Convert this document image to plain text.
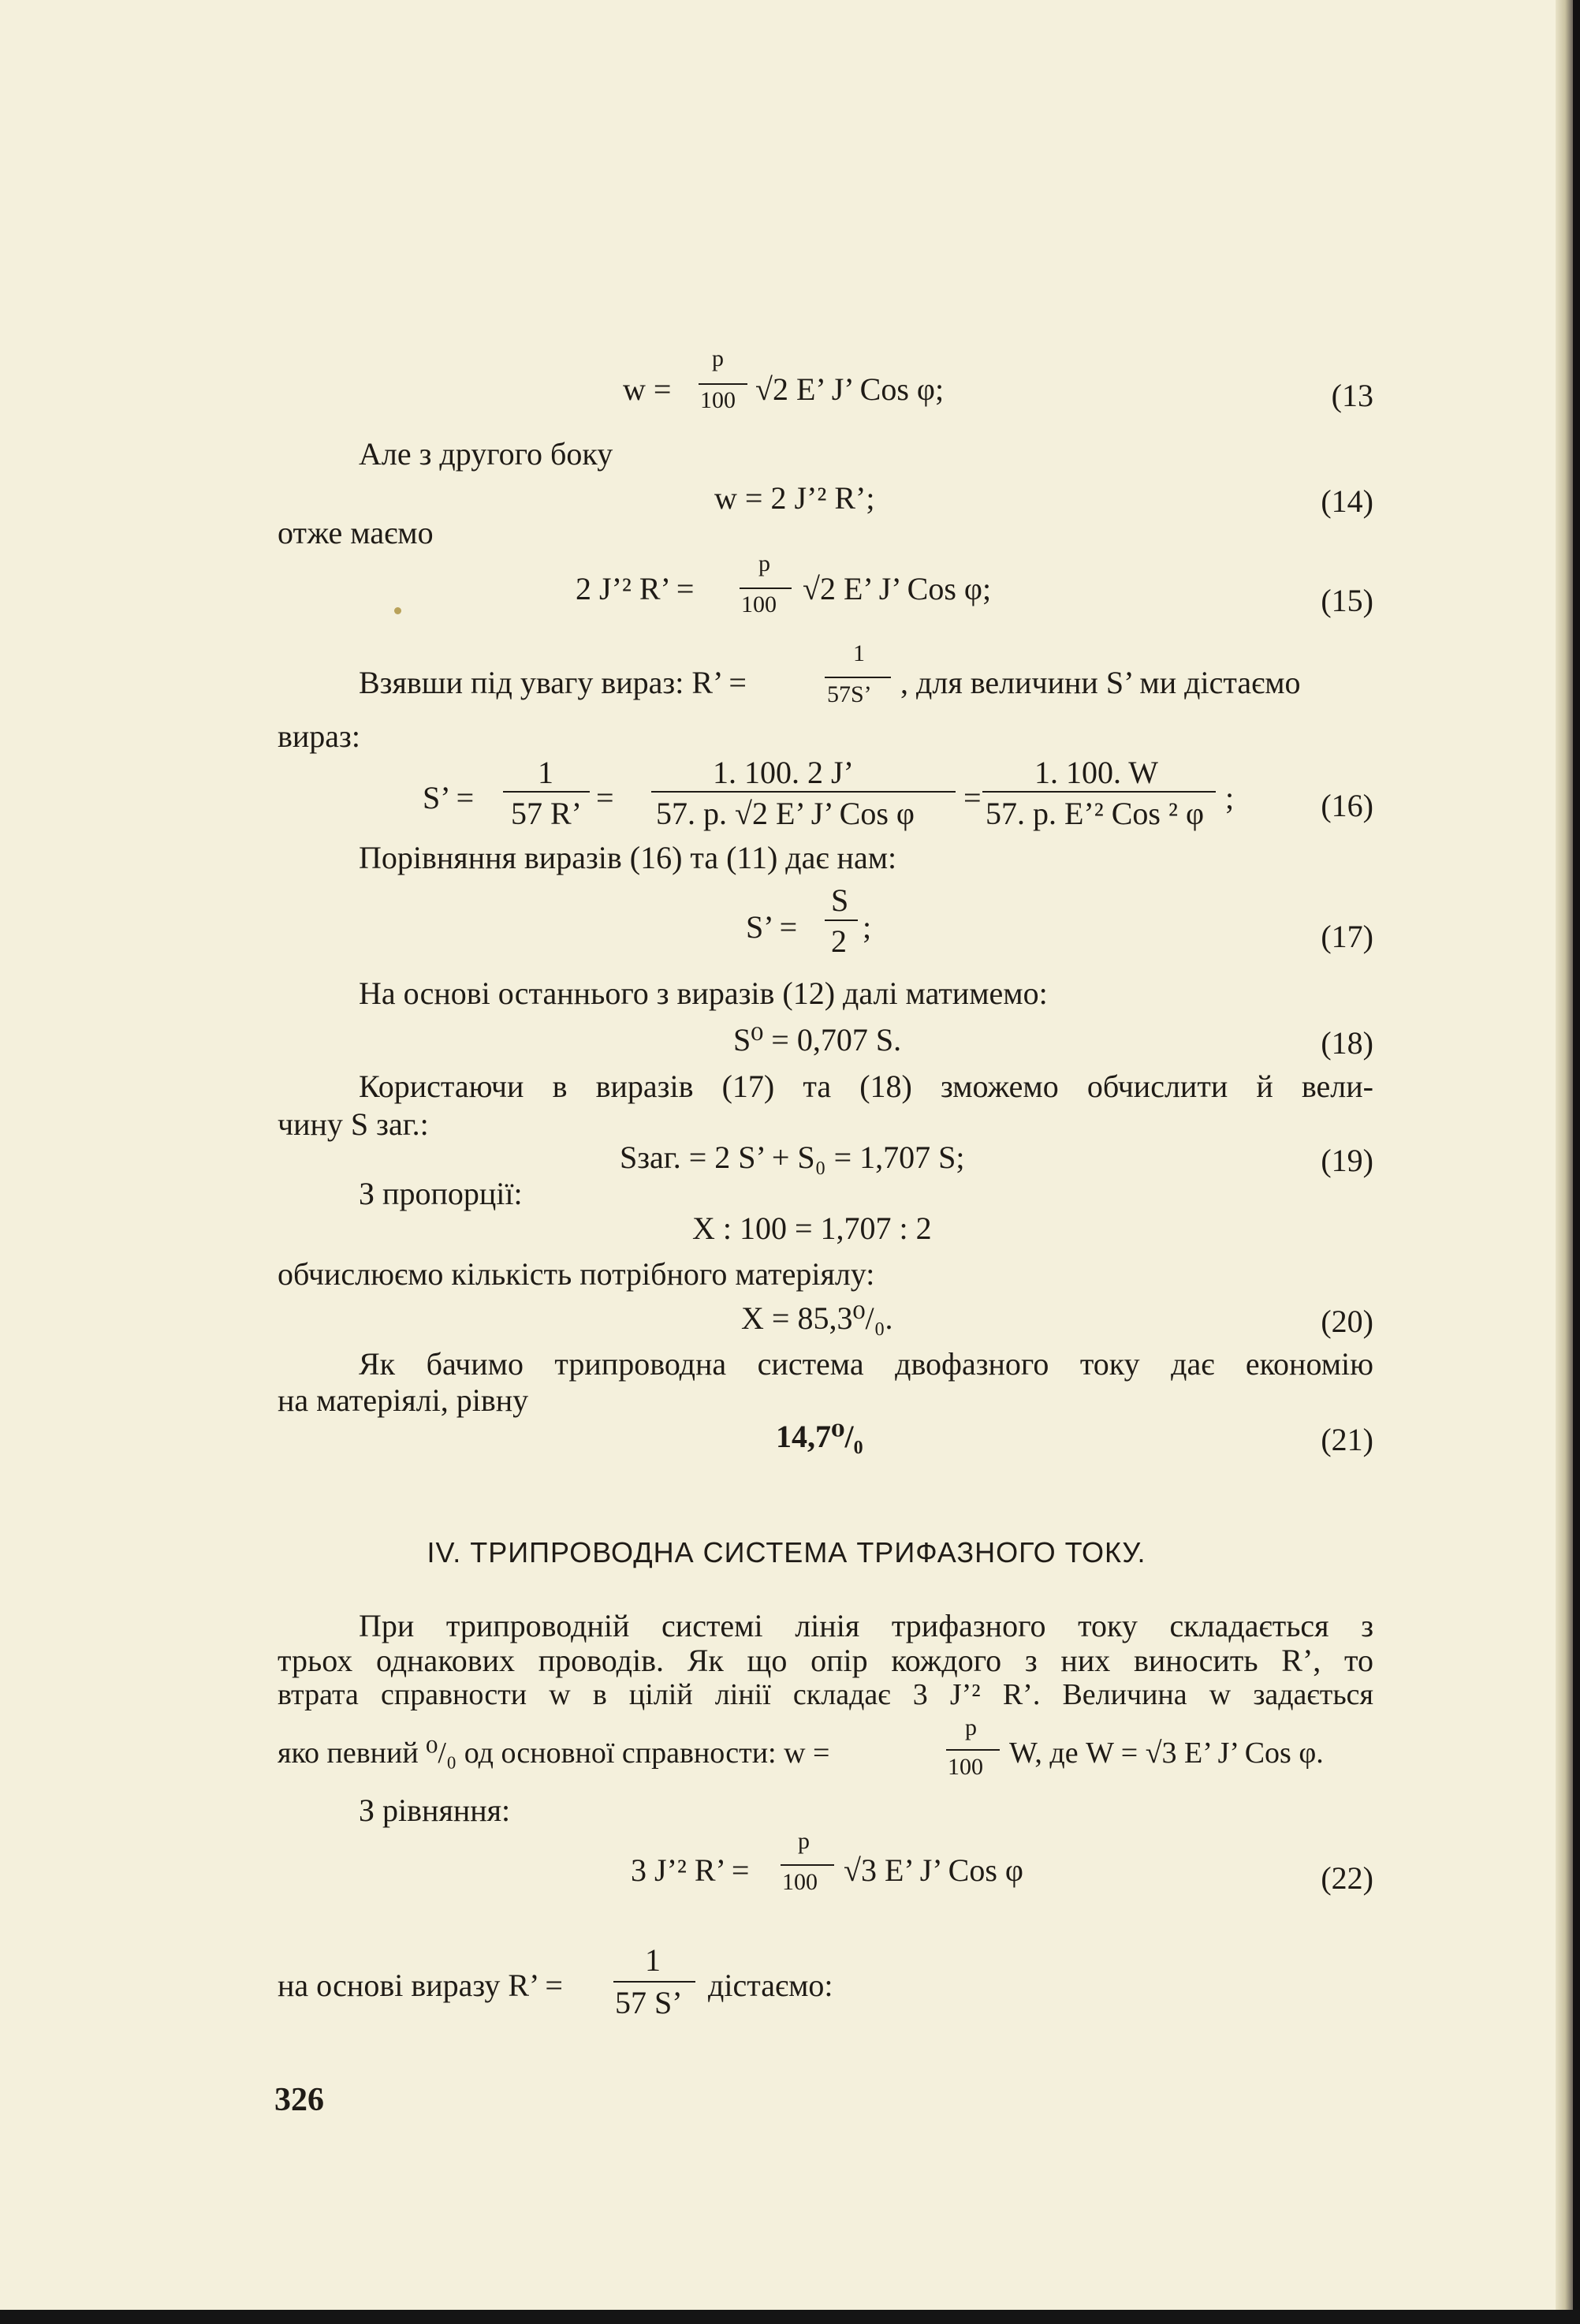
w =
p
100 √2 E’ J’ Cos φ;	(13
Але з другого боку
w = 2 J’² R’;	(14)
отже маємо
2 J’² R’ =
p
100 √2 E’ J’ Cos φ;	(15)
Взявши під увагу вираз: R’ =
1
57S’ , для величини S’ ми дістаємо
вираз:
S’ =
1
57 R’ =
1. 100. 2 J’
57. p. √2 E’ J’ Cos φ =
1. 100. W
57. p. E’² Cos ² φ ;	(16)
Порівняння виразів (16) та (11) дає нам:
S’ =
S
2 ;	(17)
На основі останнього з виразів (12) далі матимемо:
S⁰ = 0,707 S.	(18)
Користаючи в виразів (17) та (18) зможемо обчислити й вели-
чину S заг.:
Sзаг. = 2 S’ + S₀ = 1,707 S;	(19)
З пропорції:
X : 100 = 1,707 : 2
обчислюємо кількість потрібного матеріялу:
X = 85,3⁰/₀.	(20)
Як бачимо трипроводна система двофазного току дає економію
на матеріялі, рівну
14,7⁰/₀	(21)
IV. ТРИПРОВОДНА СИСТЕМА ТРИФАЗНОГО ТОКУ.
При трипроводній системі лінія трифазного току складається з
трьох однакових проводів. Як що опір кождого з них виносить R’, то
втрата справности w в цілій лінії складає 3 J’² R’. Величина w задається
яко певний ⁰/₀ од основної справности: w =
p
100 W, де W = √3 E’ J’ Cos φ.
З рівняння:
3 J’² R’ =
p
100 √3 E’ J’ Cos φ	(22)
на основі виразу R’ =
1
57 S’ дістаємо:
326
